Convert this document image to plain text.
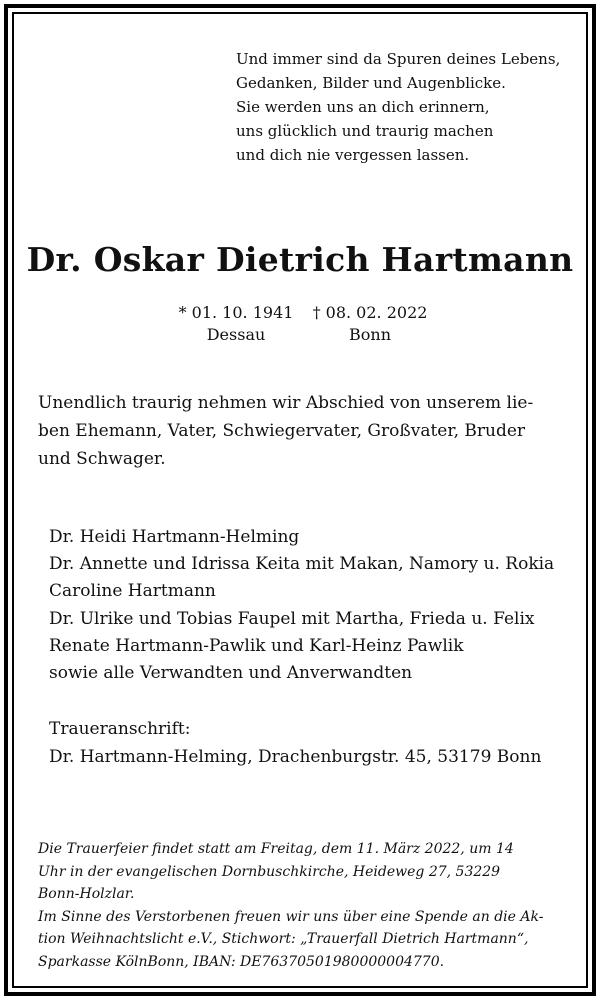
Und immer sind da Spuren deines Lebens,
Gedanken, Bilder und Augenblicke.
Sie werden uns an dich erinnern,
uns glücklich und traurig machen
und dich nie vergessen lassen.
Dr. Oskar Dietrich Hartmann
* 01. 10. 1941
Dessau
† 08. 02. 2022
Bonn
Unendlich traurig nehmen wir Abschied von unserem lie-
ben Ehemann, Vater, Schwiegervater, Großvater, Bruder
und Schwager.
Dr. Heidi Hartmann-Helming
Dr. Annette und Idrissa Keita mit Makan, Namory u. Rokia
Caroline Hartmann
Dr. Ulrike und Tobias Faupel mit Martha, Frieda u. Felix
Renate Hartmann-Pawlik und Karl-Heinz Pawlik
sowie alle Verwandten und Anverwandten
Traueranschrift:
Dr. Hartmann-Helming, Drachenburgstr. 45, 53179 Bonn
Die Trauerfeier findet statt am Freitag, dem 11. März 2022, um 14
Uhr in der evangelischen Dornbuschkirche, Heideweg 27, 53229
Bonn-Holzlar.
Im Sinne des Verstorbenen freuen wir uns über eine Spende an die Ak-
tion Weihnachtslicht e.V., Stichwort: „Trauerfall Dietrich Hartmann“,
Sparkasse KölnBonn, IBAN: DE76370501980000004770.
